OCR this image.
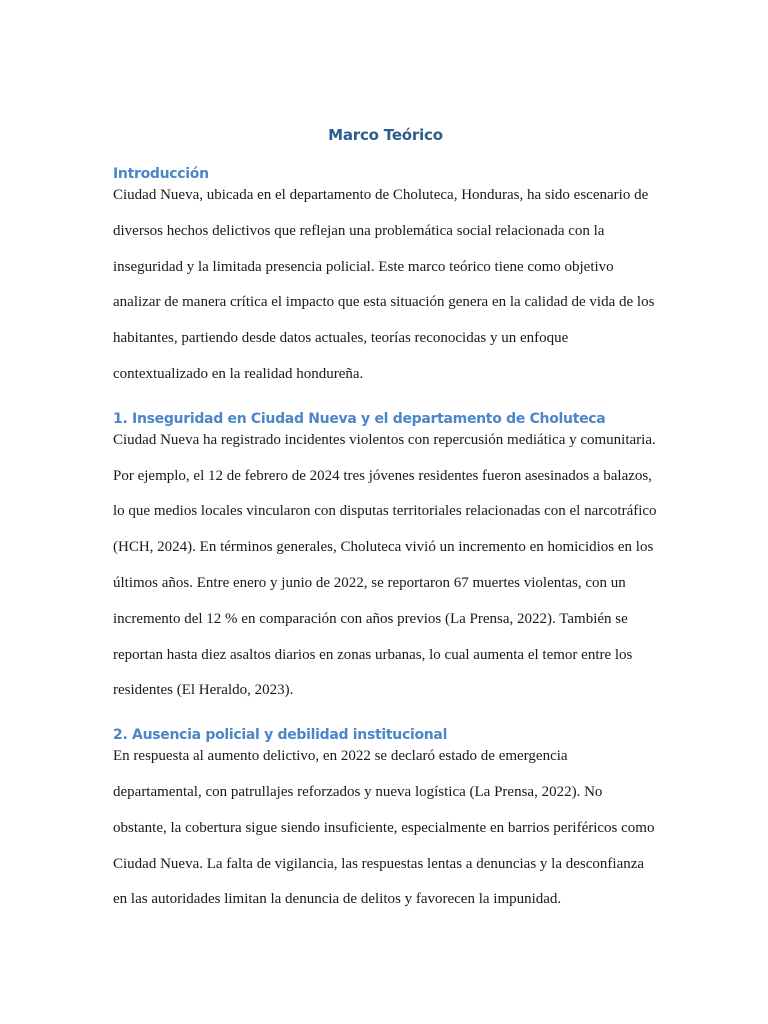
Marco Teórico
Introducción

Ciudad Nueva, ubicada en el departamento de Choluteca, Honduras, ha sido escenario de diversos hechos delictivos que reflejan una problemática social relacionada con la inseguridad y la limitada presencia policial. Este marco teórico tiene como objetivo analizar de manera crítica el impacto que esta situación genera en la calidad de vida de los habitantes, partiendo desde datos actuales, teorías reconocidas y un enfoque contextualizado en la realidad hondureña.

1. Inseguridad en Ciudad Nueva y el departamento de Choluteca

Ciudad Nueva ha registrado incidentes violentos con repercusión mediática y comunitaria. Por ejemplo, el 12 de febrero de 2024 tres jóvenes residentes fueron asesinados a balazos, lo que medios locales vincularon con disputas territoriales relacionadas con el narcotráfico (HCH, 2024). En términos generales, Choluteca vivió un incremento en homicidios en los últimos años. Entre enero y junio de 2022, se reportaron 67 muertes violentas, con un incremento del 12 % en comparación con años previos (La Prensa, 2022). También se reportan hasta diez asaltos diarios en zonas urbanas, lo cual aumenta el temor entre los residentes (El Heraldo, 2023).

2. Ausencia policial y debilidad institucional

En respuesta al aumento delictivo, en 2022 se declaró estado de emergencia departamental, con patrullajes reforzados y nueva logística (La Prensa, 2022). No obstante, la cobertura sigue siendo insuficiente, especialmente en barrios periféricos como Ciudad Nueva. La falta de vigilancia, las respuestas lentas a denuncias y la desconfianza en las autoridades limitan la denuncia de delitos y favorecen la impunidad.
